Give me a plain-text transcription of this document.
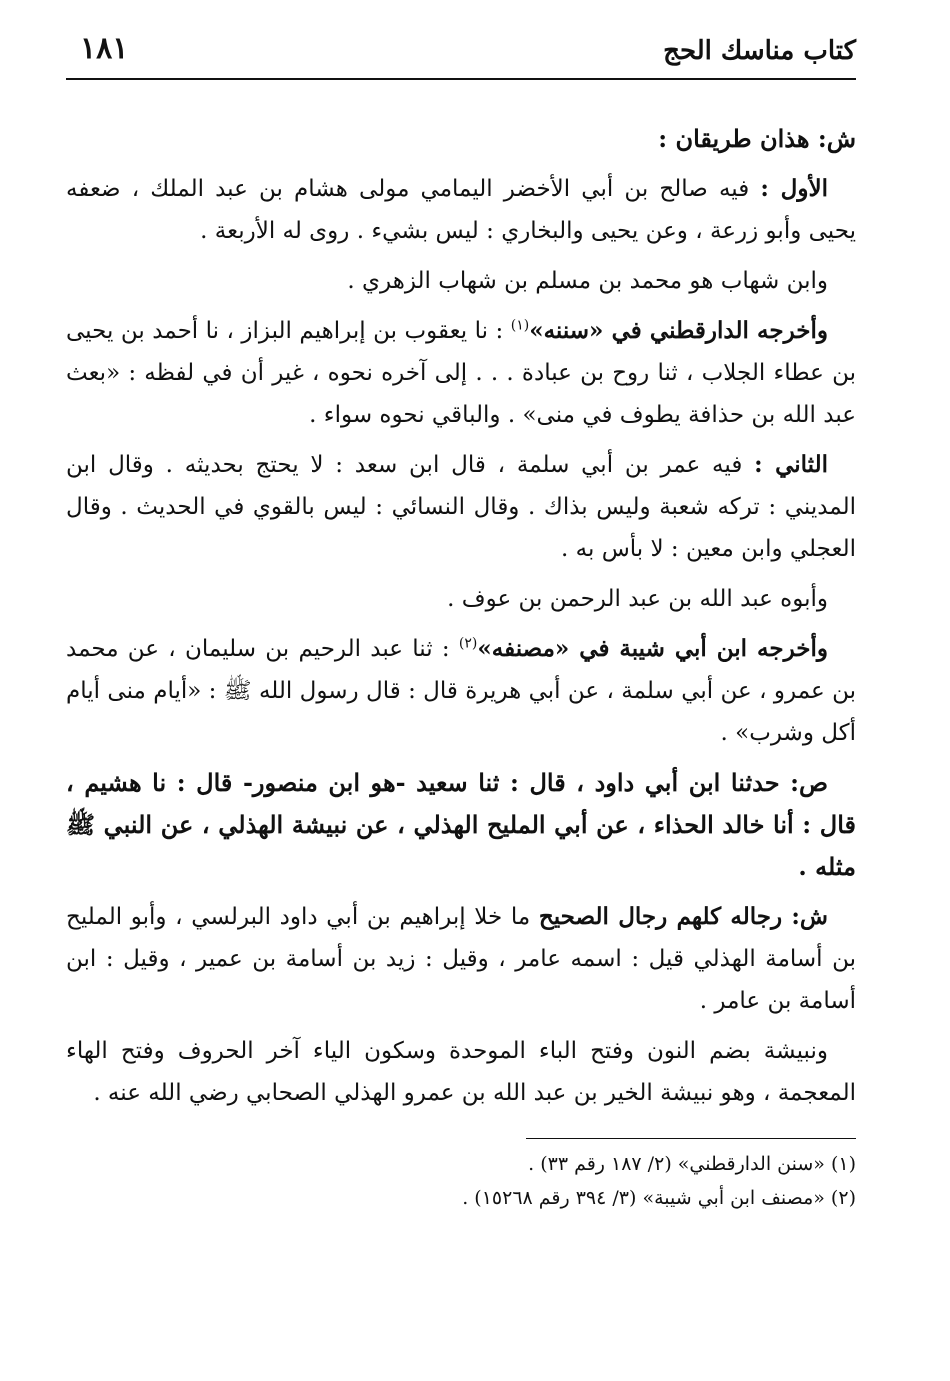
كتاب مناسك الحج
١٨١

ش: هذان طريقان :

الأول : فيه صالح بن أبي الأخضر اليمامي مولى هشام بن عبد الملك ، ضعفه يحيى وأبو زرعة ، وعن يحيى والبخاري : ليس بشيء . روى له الأربعة .

وابن شهاب هو محمد بن مسلم بن شهاب الزهري .

وأخرجه الدارقطني في «سننه»$^{(١)}$ : نا يعقوب بن إبراهيم البزاز ، نا أحمد بن يحيى بن عطاء الجلاب ، ثنا روح بن عبادة . . . إلى آخره نحوه ، غير أن في لفظه : «بعث عبد الله بن حذافة يطوف في منى» . والباقي نحوه سواء .

الثاني : فيه عمر بن أبي سلمة ، قال ابن سعد : لا يحتج بحديثه . وقال ابن المديني : تركه شعبة وليس بذاك . وقال النسائي : ليس بالقوي في الحديث . وقال العجلي وابن معين : لا بأس به .

وأبوه عبد الله بن عبد الرحمن بن عوف .

وأخرجه ابن أبي شيبة في «مصنفه»$^{(٢)}$ : ثنا عبد الرحيم بن سليمان ، عن محمد بن عمرو ، عن أبي سلمة ، عن أبي هريرة قال : قال رسول الله ﷺ : «أيام منى أيام أكل وشرب» .

ص: حدثنا ابن أبي داود ، قال : ثنا سعيد -هو ابن منصور- قال : نا هشيم ، قال : أنا خالد الحذاء ، عن أبي المليح الهذلي ، عن نبيشة الهذلي ، عن النبي ﷺ مثله .

ش: رجاله كلهم رجال الصحيح ما خلا إبراهيم بن أبي داود البرلسي ، وأبو المليح بن أسامة الهذلي قيل : اسمه عامر ، وقيل : زيد بن أسامة بن عمير ، وقيل : ابن أسامة بن عامر .

ونبيشة بضم النون وفتح الباء الموحدة وسكون الياء آخر الحروف وفتح الهاء المعجمة ، وهو نبيشة الخير بن عبد الله بن عمرو الهذلي الصحابي رضي الله عنه .

(١) «سنن الدارقطني» (٢/ ١٨٧ رقم ٣٣) .

(٢) «مصنف ابن أبي شيبة» (٣/ ٣٩٤ رقم ١٥٢٦٨) .
